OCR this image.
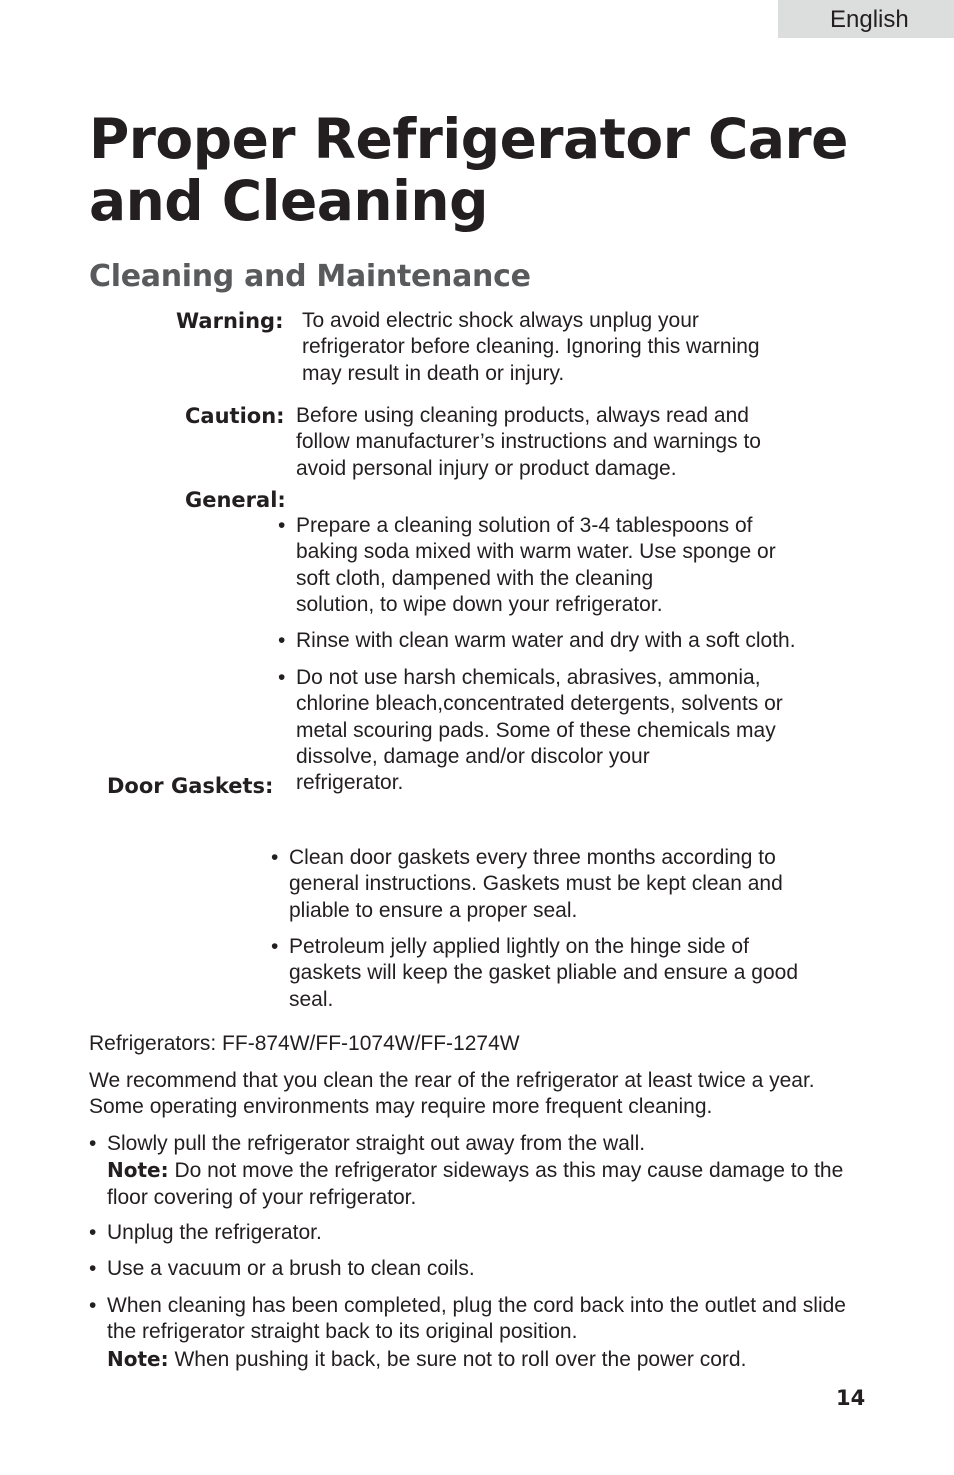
English
Proper Refrigerator Care and Cleaning
Cleaning and Maintenance
Warning: To avoid electric shock always unplug your
refrigerator before cleaning. Ignoring this warning
may result in death or injury.
Caution: Before using cleaning products, always read and
follow manufacturer’s instructions and warnings to
avoid personal injury or product damage.
General:
• Prepare a cleaning solution of 3-4 tablespoons of
baking soda mixed with warm water. Use sponge or
soft cloth, dampened with the cleaning
solution, to wipe down your refrigerator.
• Rinse with clean warm water and dry with a soft cloth.
• Do not use harsh chemicals, abrasives, ammonia,
chlorine bleach,concentrated detergents, solvents or
metal scouring pads. Some of these chemicals may
dissolve, damage and/or discolor your
refrigerator.
Door Gaskets:
• Clean door gaskets every three months according to
general instructions. Gaskets must be kept clean and
pliable to ensure a proper seal.
• Petroleum jelly applied lightly on the hinge side of
gaskets will keep the gasket pliable and ensure a good
seal.
Refrigerators: FF-874W/FF-1074W/FF-1274W
We recommend that you clean the rear of the refrigerator at least twice a year.
Some operating environments may require more frequent cleaning.
• Slowly pull the refrigerator straight out away from the wall.
Note: Do not move the refrigerator sideways as this may cause damage to the
floor covering of your refrigerator.
• Unplug the refrigerator.
• Use a vacuum or a brush to clean coils.
• When cleaning has been completed, plug the cord back into the outlet and slide
the refrigerator straight back to its original position.
Note: When pushing it back, be sure not to roll over the power cord.
14
